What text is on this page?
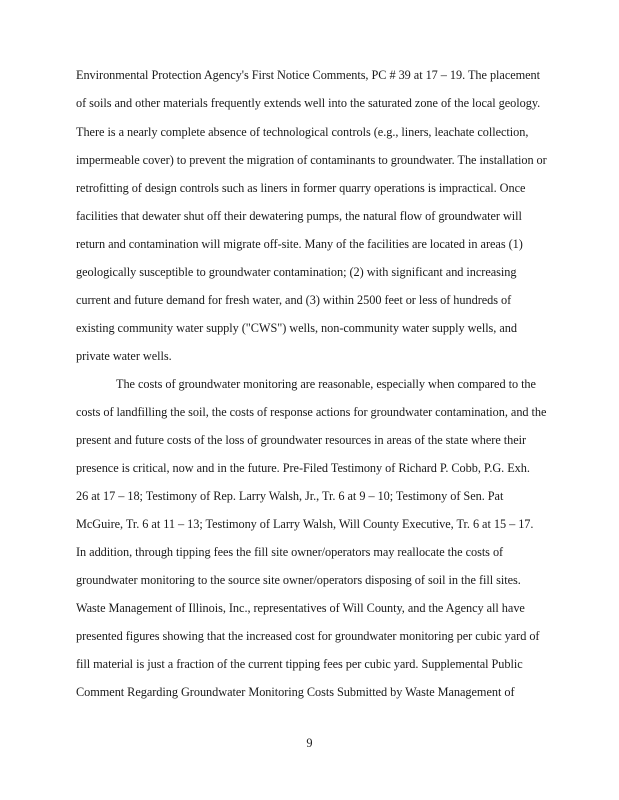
Environmental Protection Agency's First Notice Comments, PC # 39 at 17 – 19. The placement
of soils and other materials frequently extends well into the saturated zone of the local geology.
There is a nearly complete absence of technological controls (e.g., liners, leachate collection,
impermeable cover) to prevent the migration of contaminants to groundwater. The installation or
retrofitting of design controls such as liners in former quarry operations is impractical. Once
facilities that dewater shut off their dewatering pumps, the natural flow of groundwater will
return and contamination will migrate off-site. Many of the facilities are located in areas (1)
geologically susceptible to groundwater contamination; (2) with significant and increasing
current and future demand for fresh water, and (3) within 2500 feet or less of hundreds of
existing community water supply ("CWS") wells, non-community water supply wells, and
private water wells.
The costs of groundwater monitoring are reasonable, especially when compared to the
costs of landfilling the soil, the costs of response actions for groundwater contamination, and the
present and future costs of the loss of groundwater resources in areas of the state where their
presence is critical, now and in the future. Pre-Filed Testimony of Richard P. Cobb, P.G. Exh.
26 at 17 – 18; Testimony of Rep. Larry Walsh, Jr., Tr. 6 at 9 – 10; Testimony of Sen. Pat
McGuire, Tr. 6 at 11 – 13; Testimony of Larry Walsh, Will County Executive, Tr. 6 at 15 – 17.
In addition, through tipping fees the fill site owner/operators may reallocate the costs of
groundwater monitoring to the source site owner/operators disposing of soil in the fill sites.
Waste Management of Illinois, Inc., representatives of Will County, and the Agency all have
presented figures showing that the increased cost for groundwater monitoring per cubic yard of
fill material is just a fraction of the current tipping fees per cubic yard. Supplemental Public
Comment Regarding Groundwater Monitoring Costs Submitted by Waste Management of
9
